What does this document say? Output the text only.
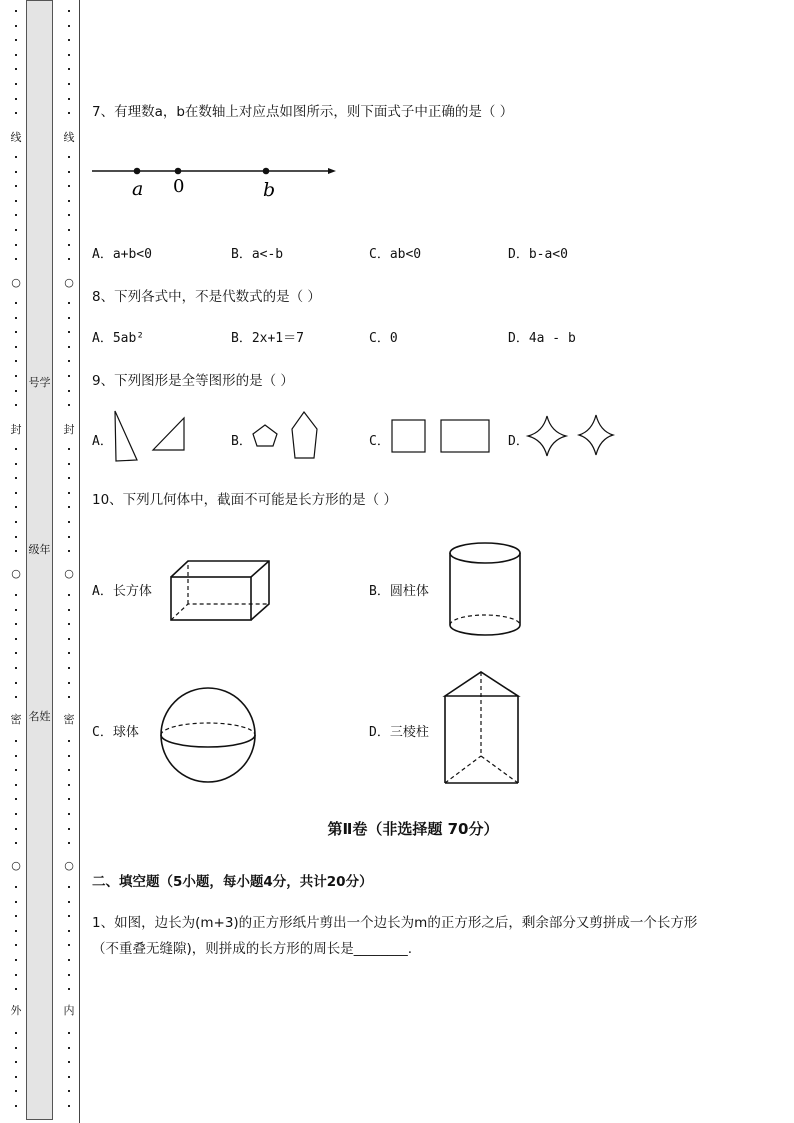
线
○
封
○
密
○
外
线
○
封
○
密
○
内
号学
级年
名姓
7、有理数a，b在数轴上对应点如图所示，则下面式子中正确的是（ ）
a 0	b
A．a+b<0	B．a<-b	C．ab<0	D．b-a<0
8、下列各式中，不是代数式的是（ ）
A．5ab²	B．2x+1＝7	C．0	D．4a - b
9、下列图形是全等图形的是（ ）
A．	B．	C．	D．
10、下列几何体中，截面不可能是长方形的是（ ）
A．长方体	B．圆柱体
C．球体	D．三棱柱
第Ⅱ卷（非选择题 70分）
二、填空题（5小题，每小题4分，共计20分）
1、如图，边长为(m+3)的正方形纸片剪出一个边长为m的正方形之后，剩余部分又剪拼成一个长方形
（不重叠无缝隙)，则拼成的长方形的周长是________.
